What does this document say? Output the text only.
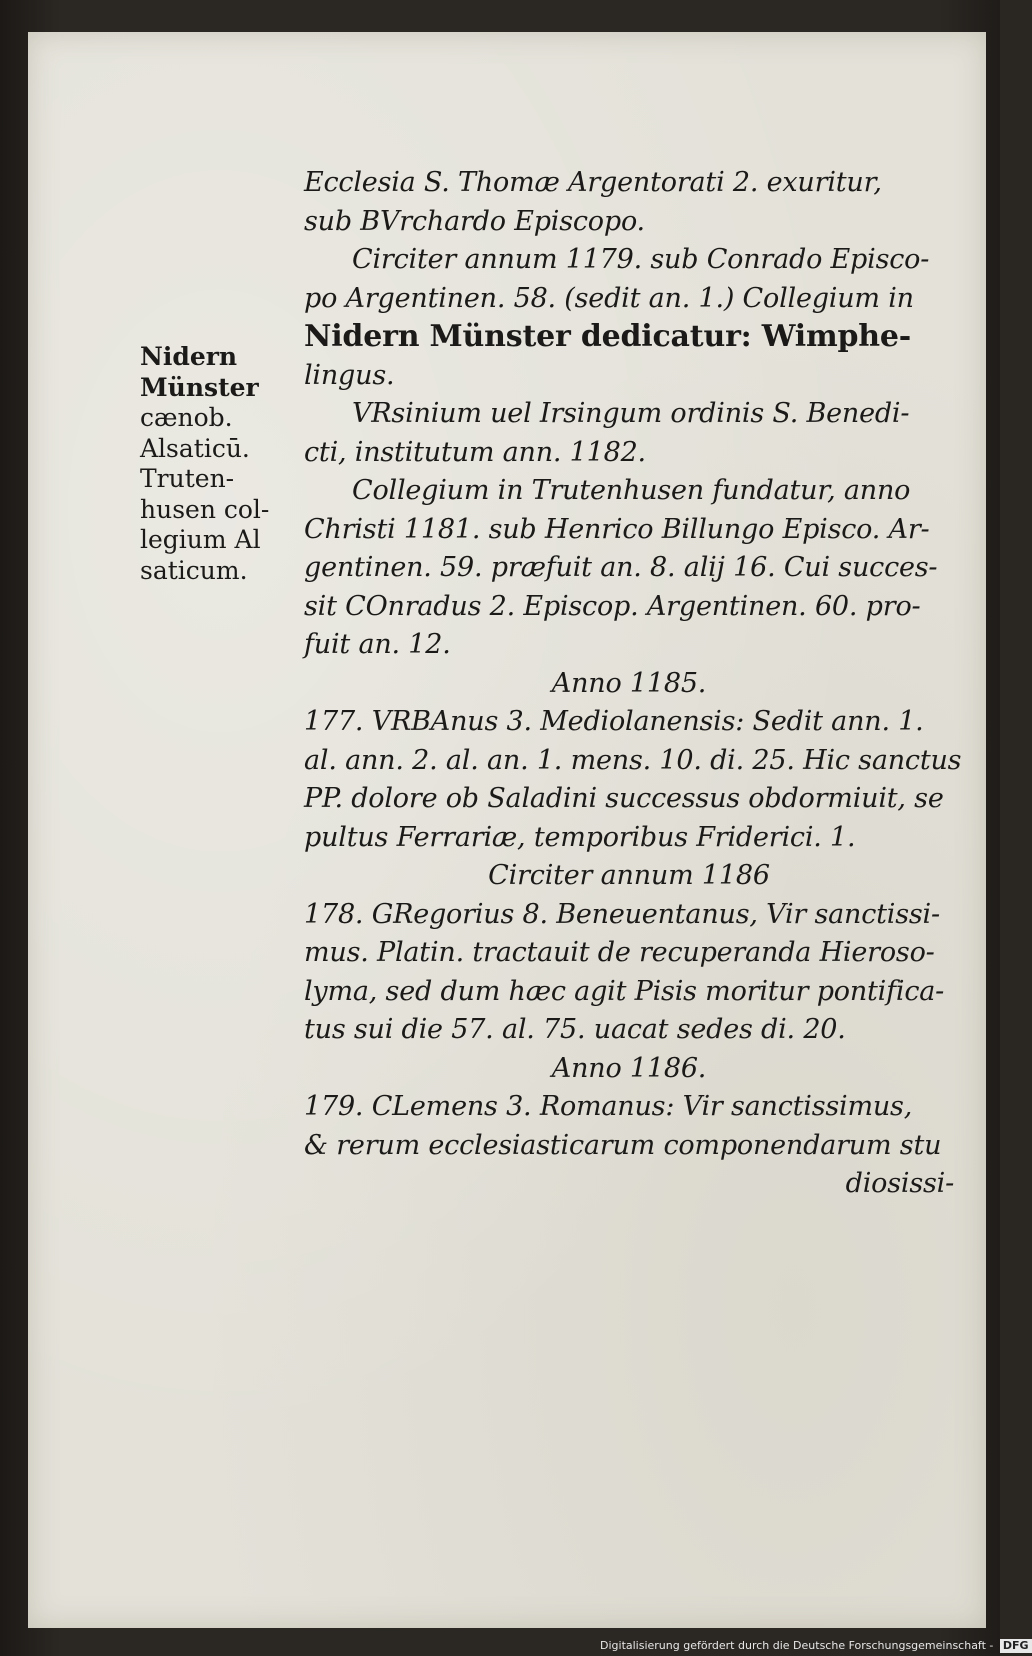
Ecclesia S. Thomæ Argentorati 2. exuritur,
sub BVrchardo Episcopo.
Circiter annum 1179. sub Conrado Episco-
po Argentinen. 58. (sedit an. 1.) Collegium in
Nidern Münster dedicatur: Wimphe-
lingus.
VRsinium uel Irsingum ordinis S. Benedi-
cti, institutum ann. 1182.
Collegium in Trutenhusen fundatur, anno
Christi 1181. sub Henrico Billungo Episco. Ar-
gentinen. 59. præfuit an. 8. alij 16. Cui succes-
sit COnradus 2. Episcop. Argentinen. 60. pro-
fuit an. 12.
Anno 1185.
177. VRBAnus 3. Mediolanensis: Sedit ann. 1.
al. ann. 2. al. an. 1. mens. 10. di. 25. Hic sanctus
PP. dolore ob Saladini successus obdormiuit, se
pultus Ferrariæ, temporibus Friderici. 1.
Circiter annum 1186
178. GRegorius 8. Beneuentanus, Vir sanctissi-
mus. Platin. tractauit de recuperanda Hieroso-
lyma, sed dum hæc agit Pisis moritur pontifica-
tus sui die 57. al. 75. uacat sedes di. 20.
Anno 1186.
179. CLemens 3. Romanus: Vir sanctissimus,
& rerum ecclesiasticarum componendarum stu
diosissi-
Nidern
Münster
cænob.
Alsaticū.
Truten-
husen col-
legium Al
saticum.
Digitalisierung gefördert durch die Deutsche Forschungsgemeinschaft - DFG
